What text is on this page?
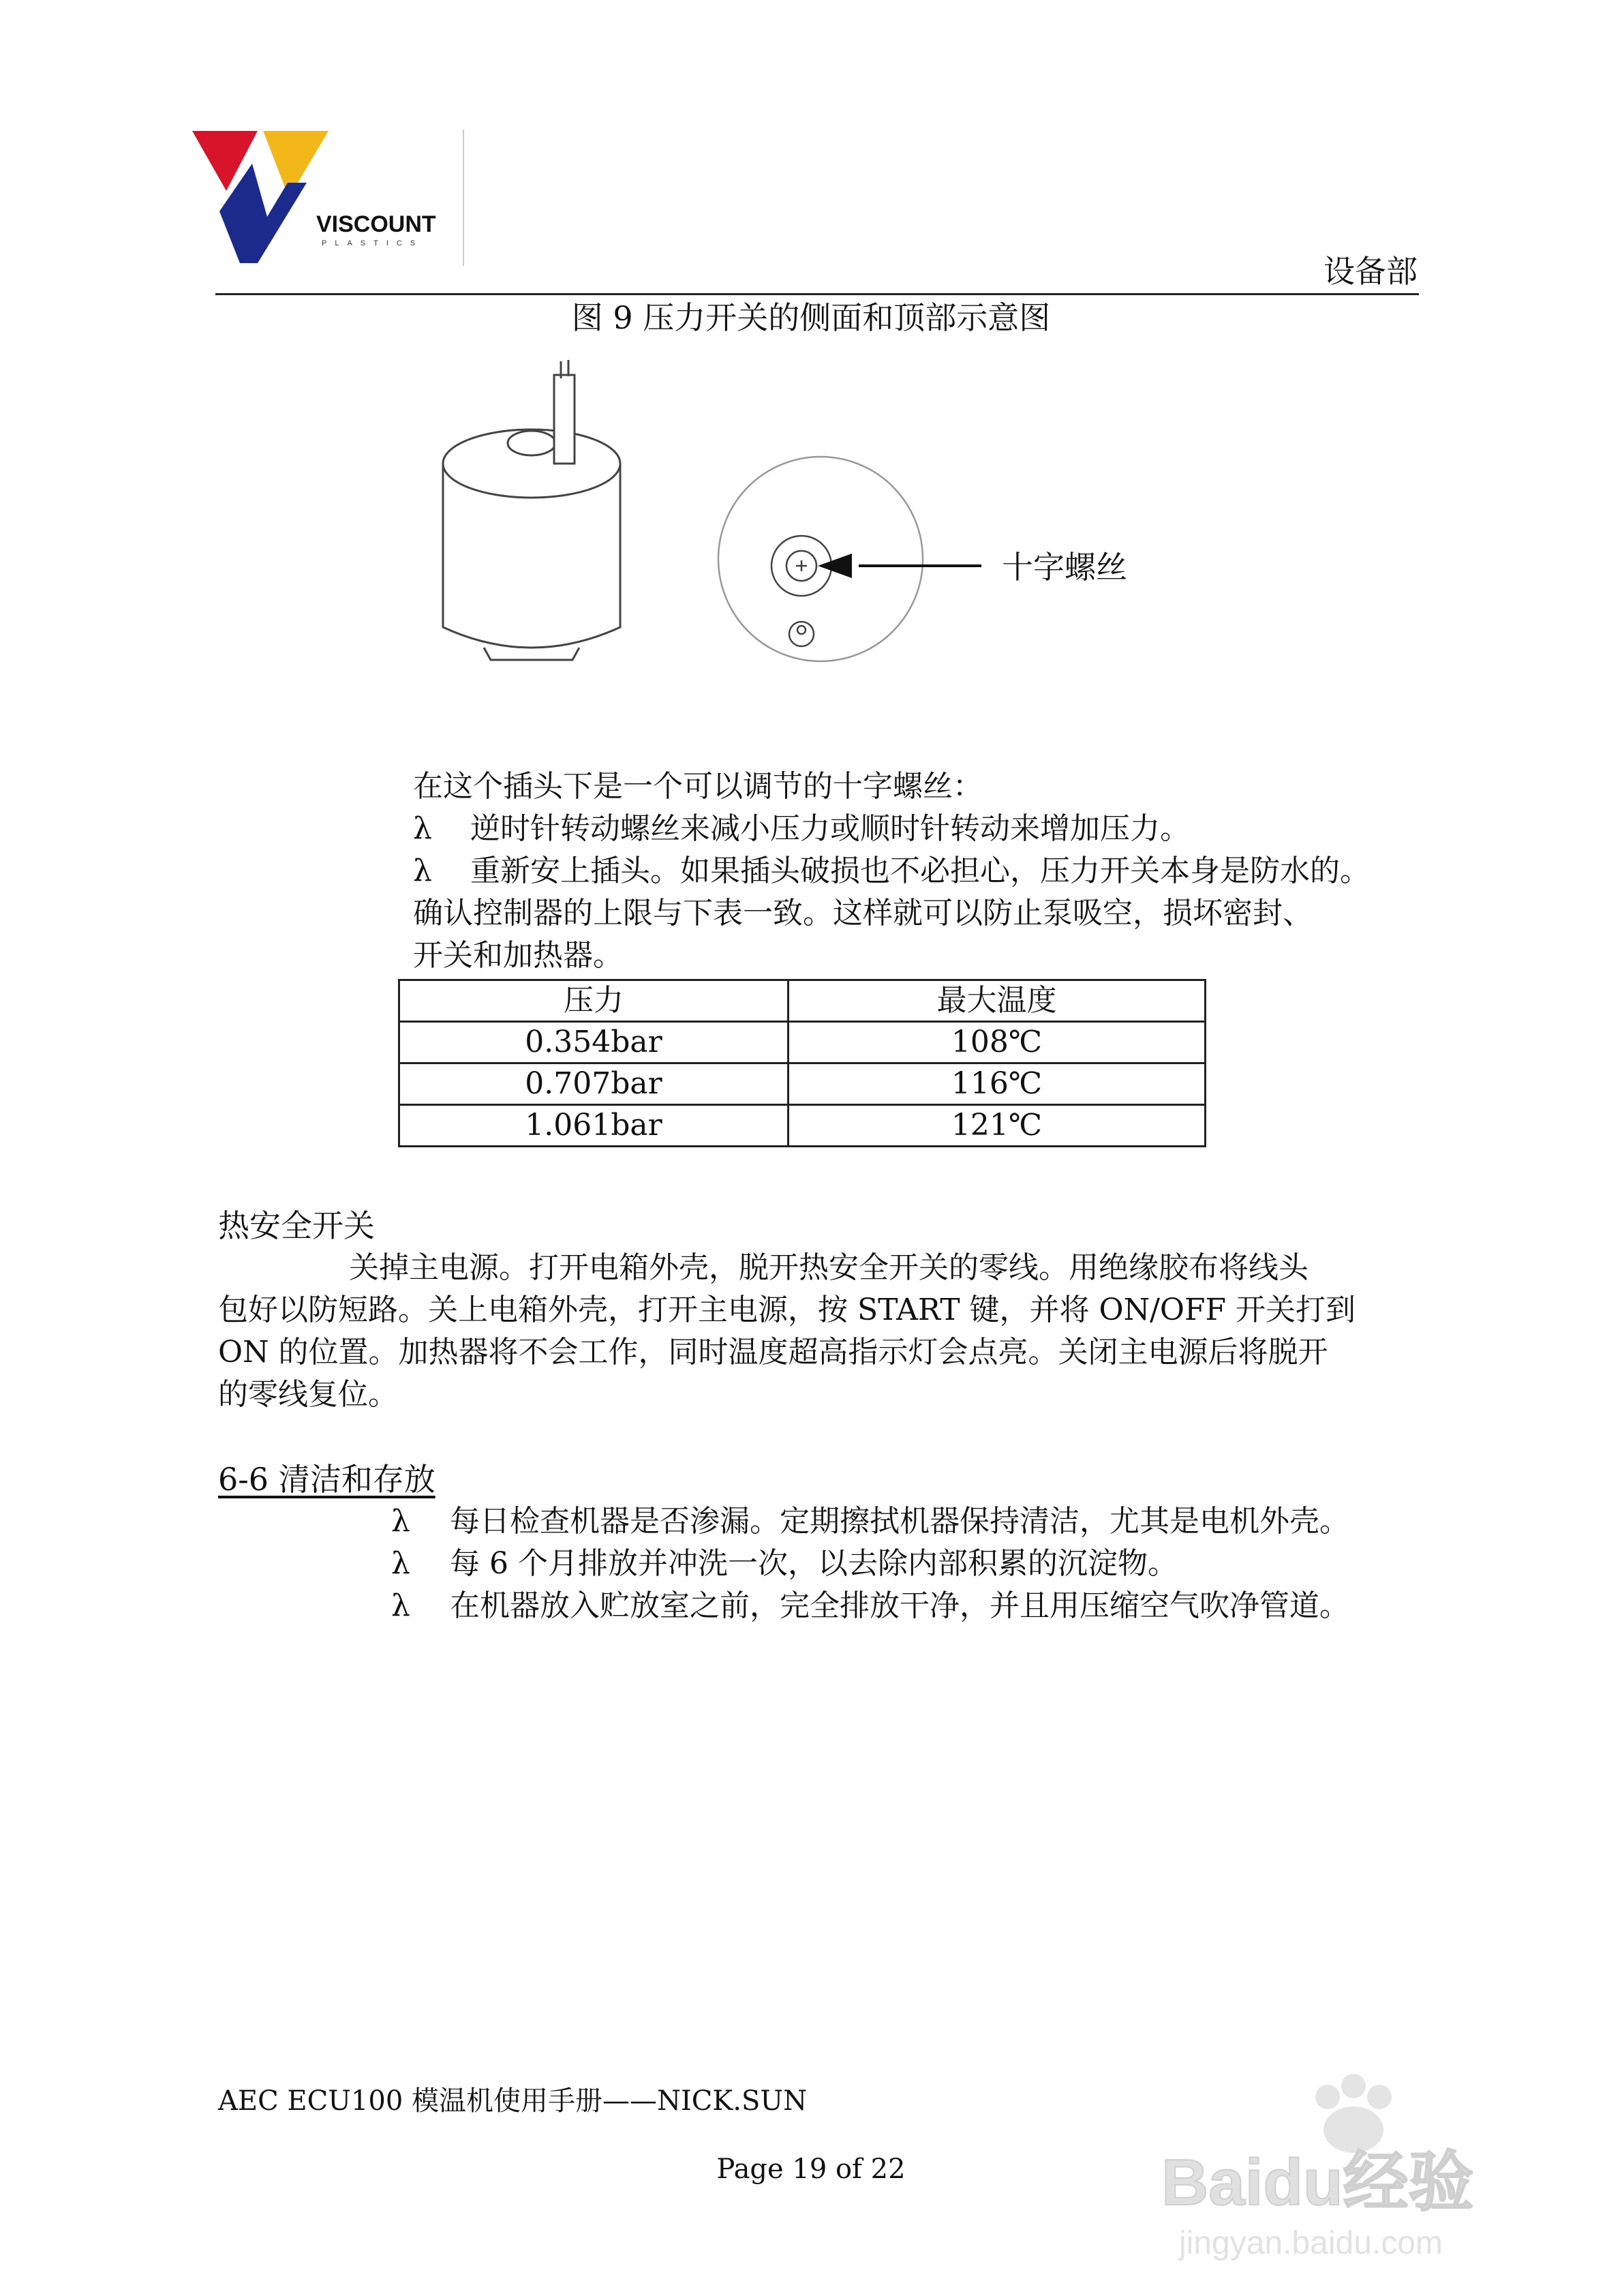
VISCOUNT
PLASTICS
设备部
图 9 压力开关的侧面和顶部示意图
十字螺丝
在这个插头下是一个可以调节的十字螺丝：
λ 逆时针转动螺丝来减小压力或顺时针转动来增加压力。
λ 重新安上插头。如果插头破损也不必担心，压力开关本身是防水的。
确认控制器的上限与下表一致。这样就可以防止泵吸空，损坏密封、
开关和加热器。
压力	最大温度
0.354bar	108℃
0.707bar	116℃
1.061bar	121℃
热安全开关
关掉主电源。打开电箱外壳，脱开热安全开关的零线。用绝缘胶布将线头
包好以防短路。关上电箱外壳，打开主电源，按 START 键，并将 ON/OFF 开关打到
ON 的位置。加热器将不会工作，同时温度超高指示灯会点亮。关闭主电源后将脱开
的零线复位。
6-6 清洁和存放
λ 每日检查机器是否渗漏。定期擦拭机器保持清洁，尤其是电机外壳。
λ 每 6 个月排放并冲洗一次，以去除内部积累的沉淀物。
λ 在机器放入贮放室之前，完全排放干净，并且用压缩空气吹净管道。
AEC ECU100 模温机使用手册——NICK.SUN
Page 19 of 22	Baidu经验
jingyan.baidu.com
